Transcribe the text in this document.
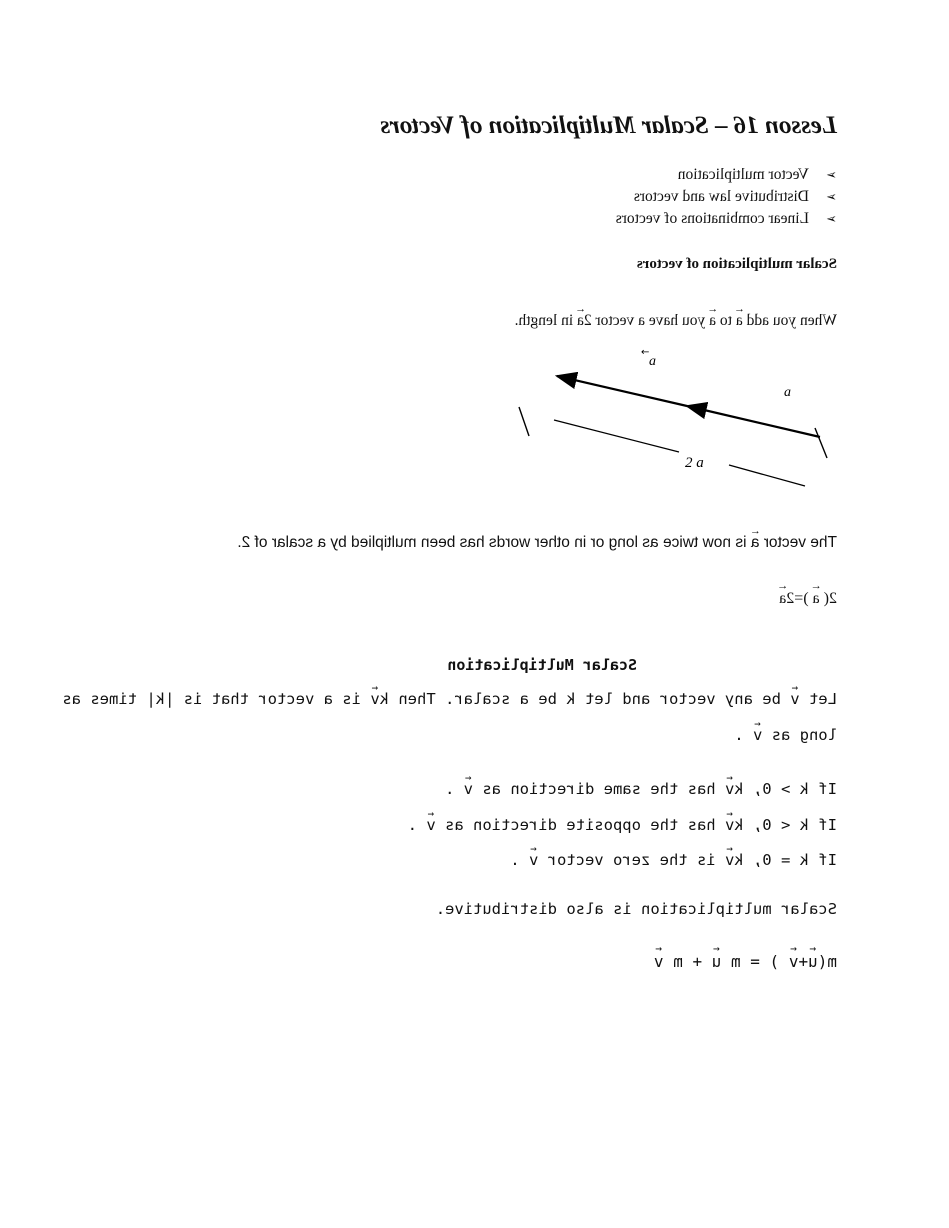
Lesson 16 – Scalar Multiplication of Vectors
➢
Vector multiplication
➢
Distributive law and vectors
➢
Linear combinations of vectors
Scalar multiplication of vectors
When you add ← a to ← a you have a vector 2← a in length.
a
←
a
2 a
The vector ← a is now twice as long or in other words has been multiplied by a scalar of 2.
2( ← a )=2← a
Scalar Multiplication
Let ← v be any vector and let k be a scalar. Then k← v is a vector that is |k| times as
long as ← v .
If k > 0, k← v has the same direction as ← v .
If k < 0, k← v has the opposite direction as ← v .
If k = 0, k← v is the zero vector ← v .
Scalar multiplication is also distributive.
m(← u+← v ) = m ← u + m ← v
